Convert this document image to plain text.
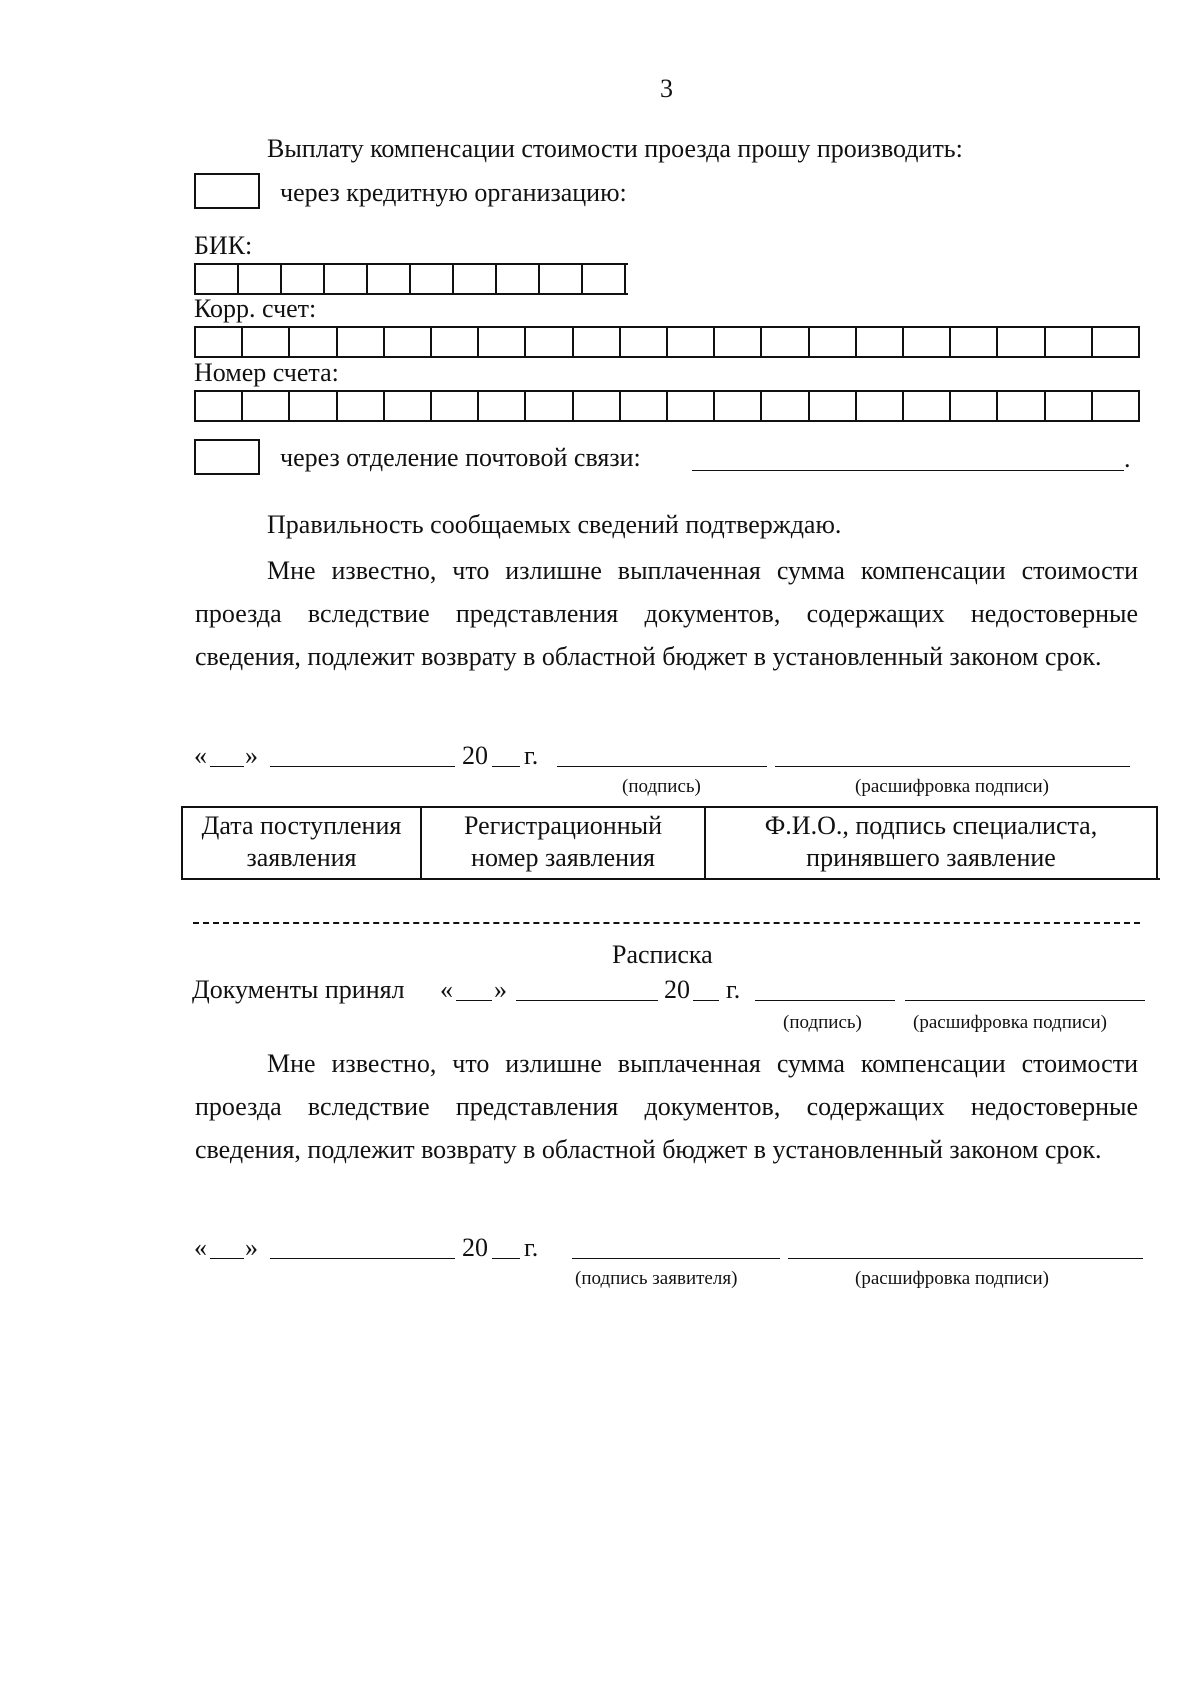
3
Выплату компенсации стоимости проезда прошу производить:
через кредитную организацию:
БИК:
Корр. счет:
Номер счета:
через отделение почтовой связи:	.
Правильность сообщаемых сведений подтверждаю.
Мне известно, что излишне выплаченная сумма компенсации стоимости проезда вследствие представления документов, содержащих недостоверные сведения, подлежит возврату в областной бюджет в установленный законом срок.
« »	20 г.
(подпись)	(расшифровка подписи)
Дата поступления
заявления

Регистрационный
номер заявления

Ф.И.О., подпись специалиста,
принявшего заявление
Расписка
Документы принял « »	20 г.
(подпись)	(расшифровка подписи)
Мне известно, что излишне выплаченная сумма компенсации стоимости проезда вследствие представления документов, содержащих недостоверные сведения, подлежит возврату в областной бюджет в установленный законом срок.
« »	20 г.
(подпись заявителя)	(расшифровка подписи)
